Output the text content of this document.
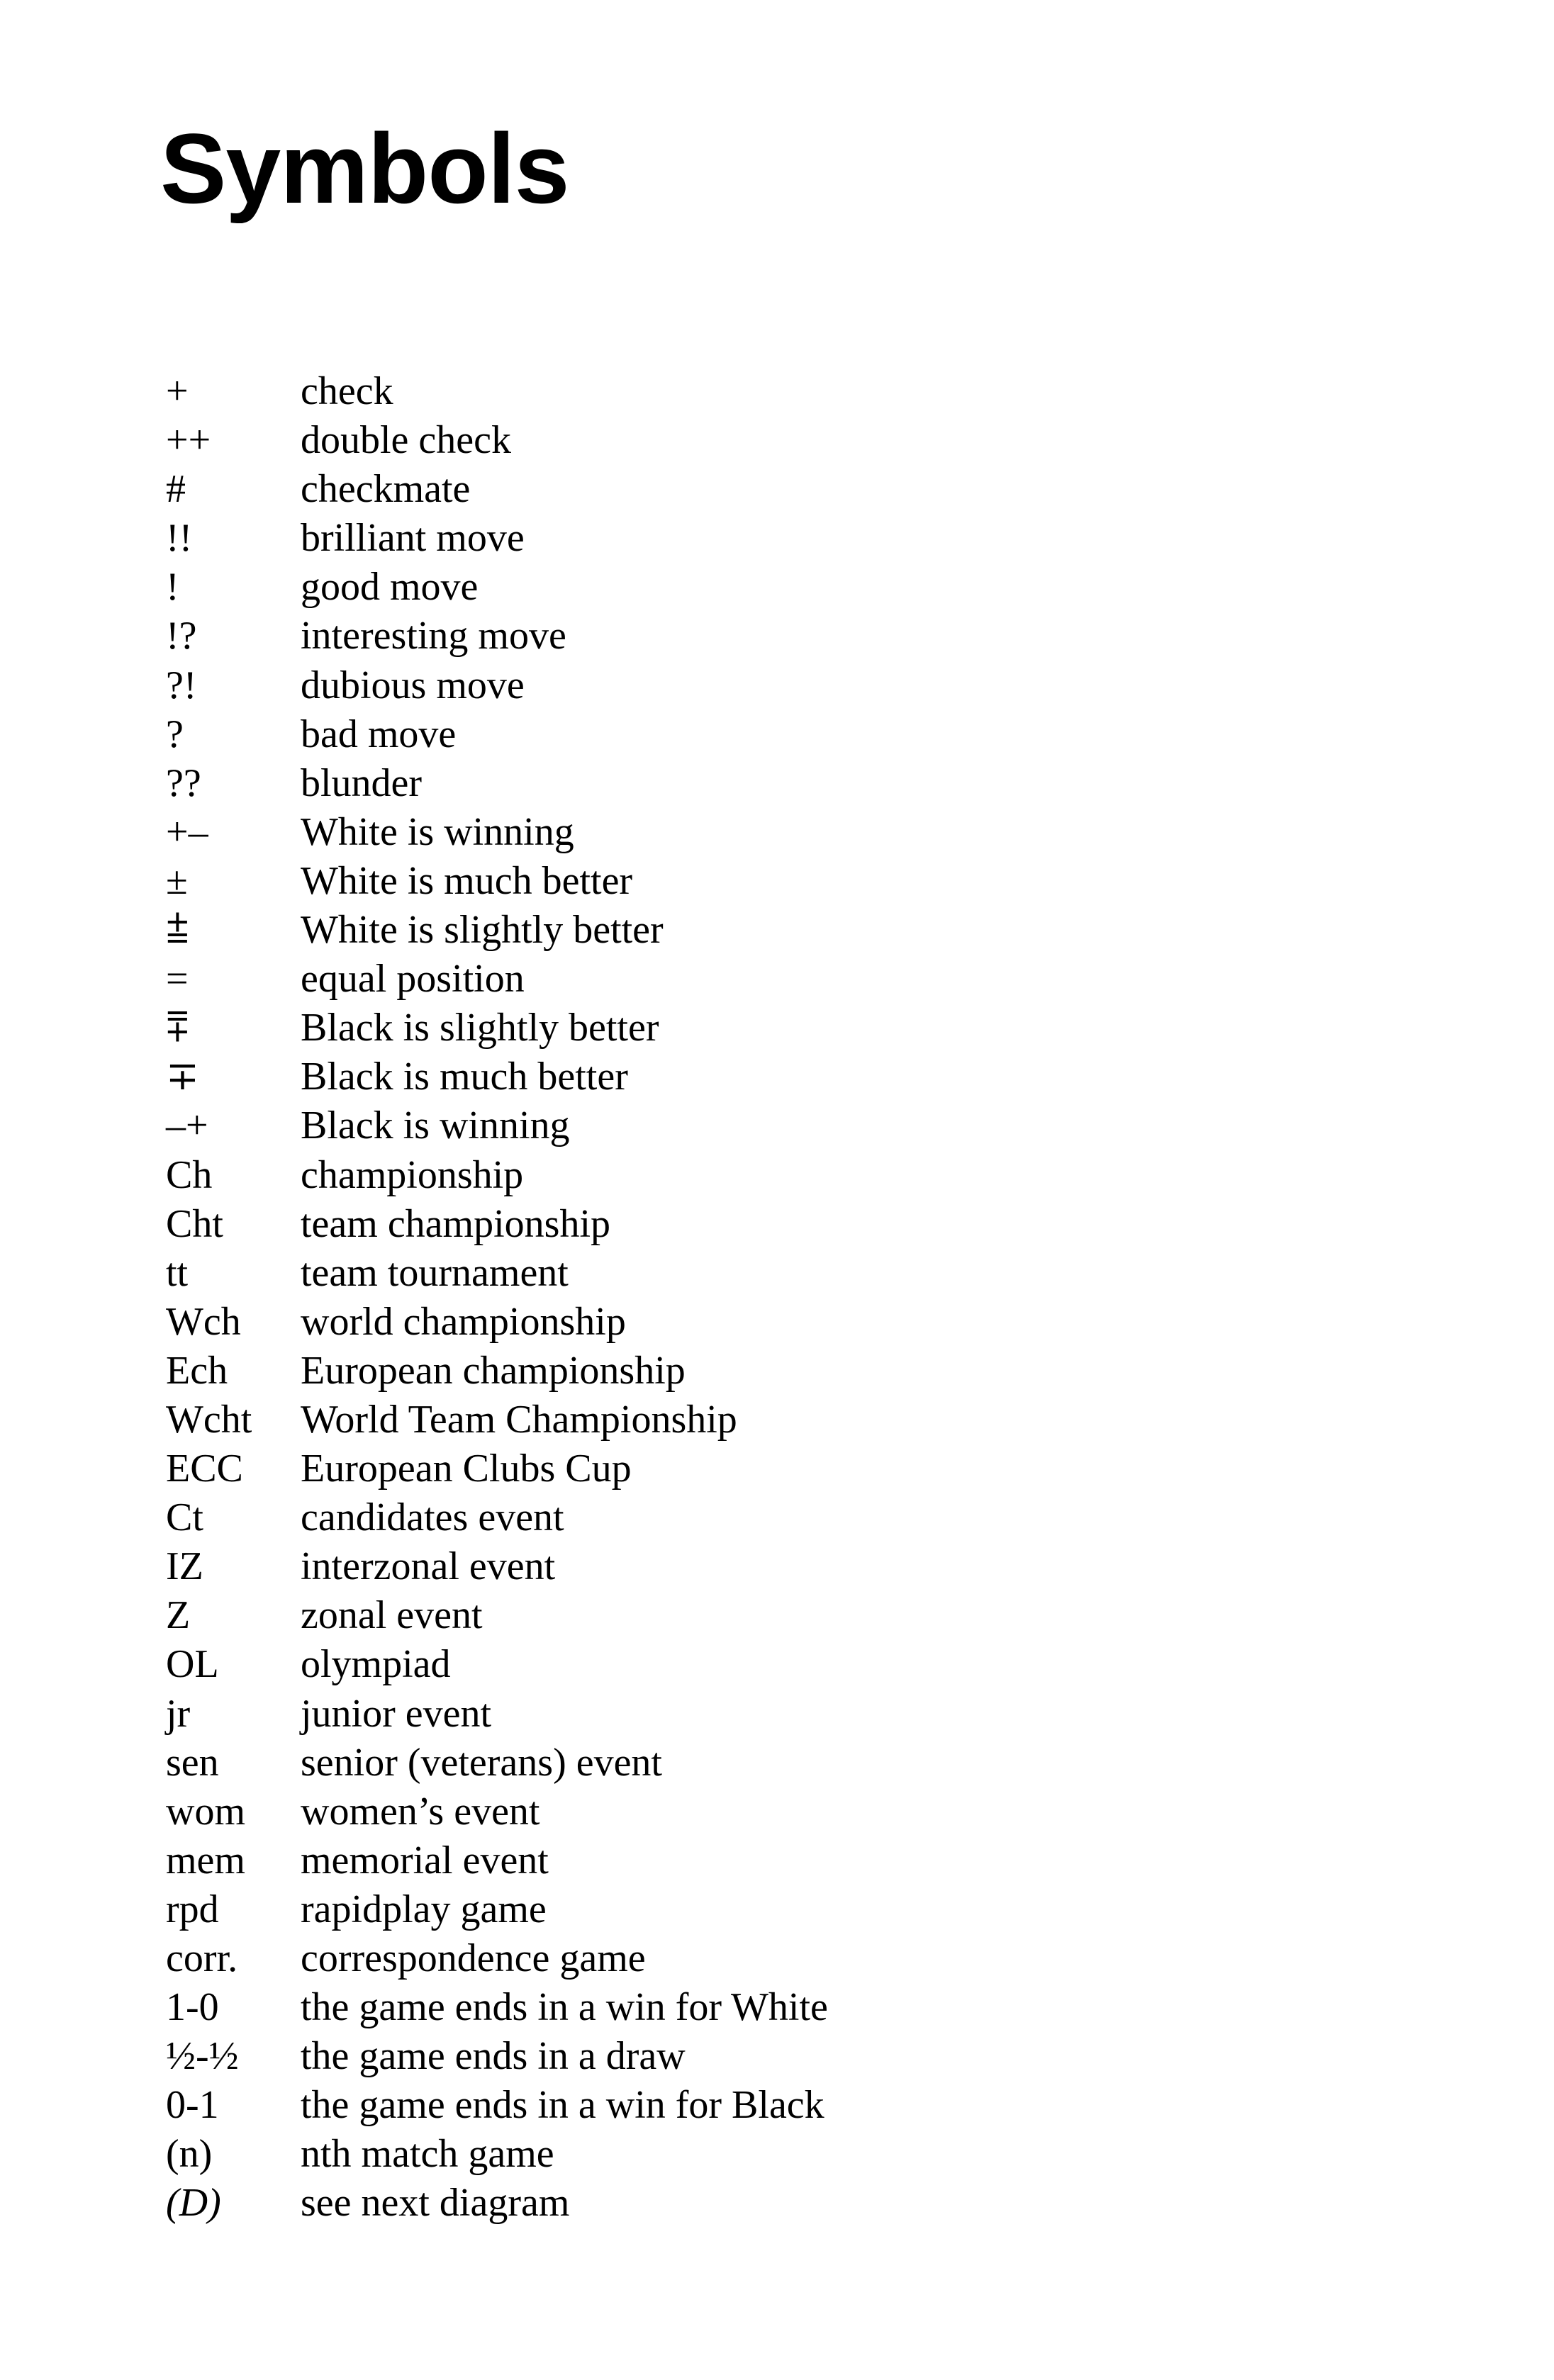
Symbols
+	check
++	double check
#	checkmate
!!	brilliant move
!	good move
!?	interesting move
?!	dubious move
?	bad move
??	blunder
+–	White is winning
±	White is much better
⩲	White is slightly better
=	equal position
⩱	Black is slightly better
∓	Black is much better
–+	Black is winning
Ch	championship
Cht	team championship
tt	team tournament
Wch	world championship
Ech	European championship
Wcht	World Team Championship
ECC	European Clubs Cup
Ct	candidates event
IZ	interzonal event
Z	zonal event
OL	olympiad
jr	junior event
sen	senior (veterans) event
wom	women’s event
mem	memorial event
rpd	rapidplay game
corr.	correspondence game
1-0	the game ends in a win for White
½-½	the game ends in a draw
0-1	the game ends in a win for Black
(n)	nth match game
(D)	see next diagram
